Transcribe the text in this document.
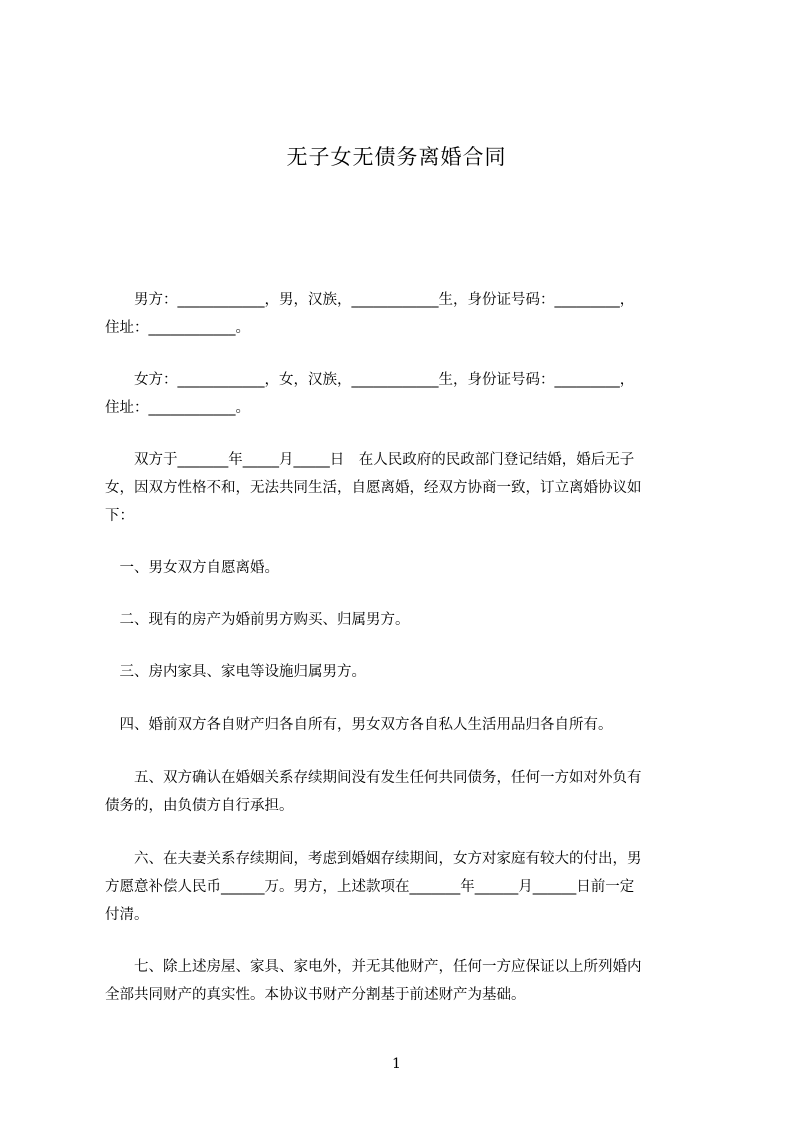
无子女无债务离婚合同

　　男方：____________，男，汉族，____________生，身份证号码：_________，

住址：____________。

　　女方：____________，女，汉族，____________生，身份证号码：_________，

住址：____________。

　　双方于_______年_____月_____日　在人民政府的民政部门登记结婚，婚后无子

女，因双方性格不和，无法共同生活，自愿离婚，经双方协商一致，订立离婚协议如

下：

　一、男女双方自愿离婚。

　二、现有的房产为婚前男方购买、归属男方。

　三、房内家具、家电等设施归属男方。

　四、婚前双方各自财产归各自所有，男女双方各自私人生活用品归各自所有。

　　五、双方确认在婚姻关系存续期间没有发生任何共同债务，任何一方如对外负有

债务的，由负债方自行承担。

　　六、在夫妻关系存续期间，考虑到婚姻存续期间，女方对家庭有较大的付出，男

方愿意补偿人民币______万。男方，上述款项在_______年______月______日前一定

付清。

　　七、除上述房屋、家具、家电外，并无其他财产，任何一方应保证以上所列婚内

全部共同财产的真实性。本协议书财产分割基于前述财产为基础。

1
